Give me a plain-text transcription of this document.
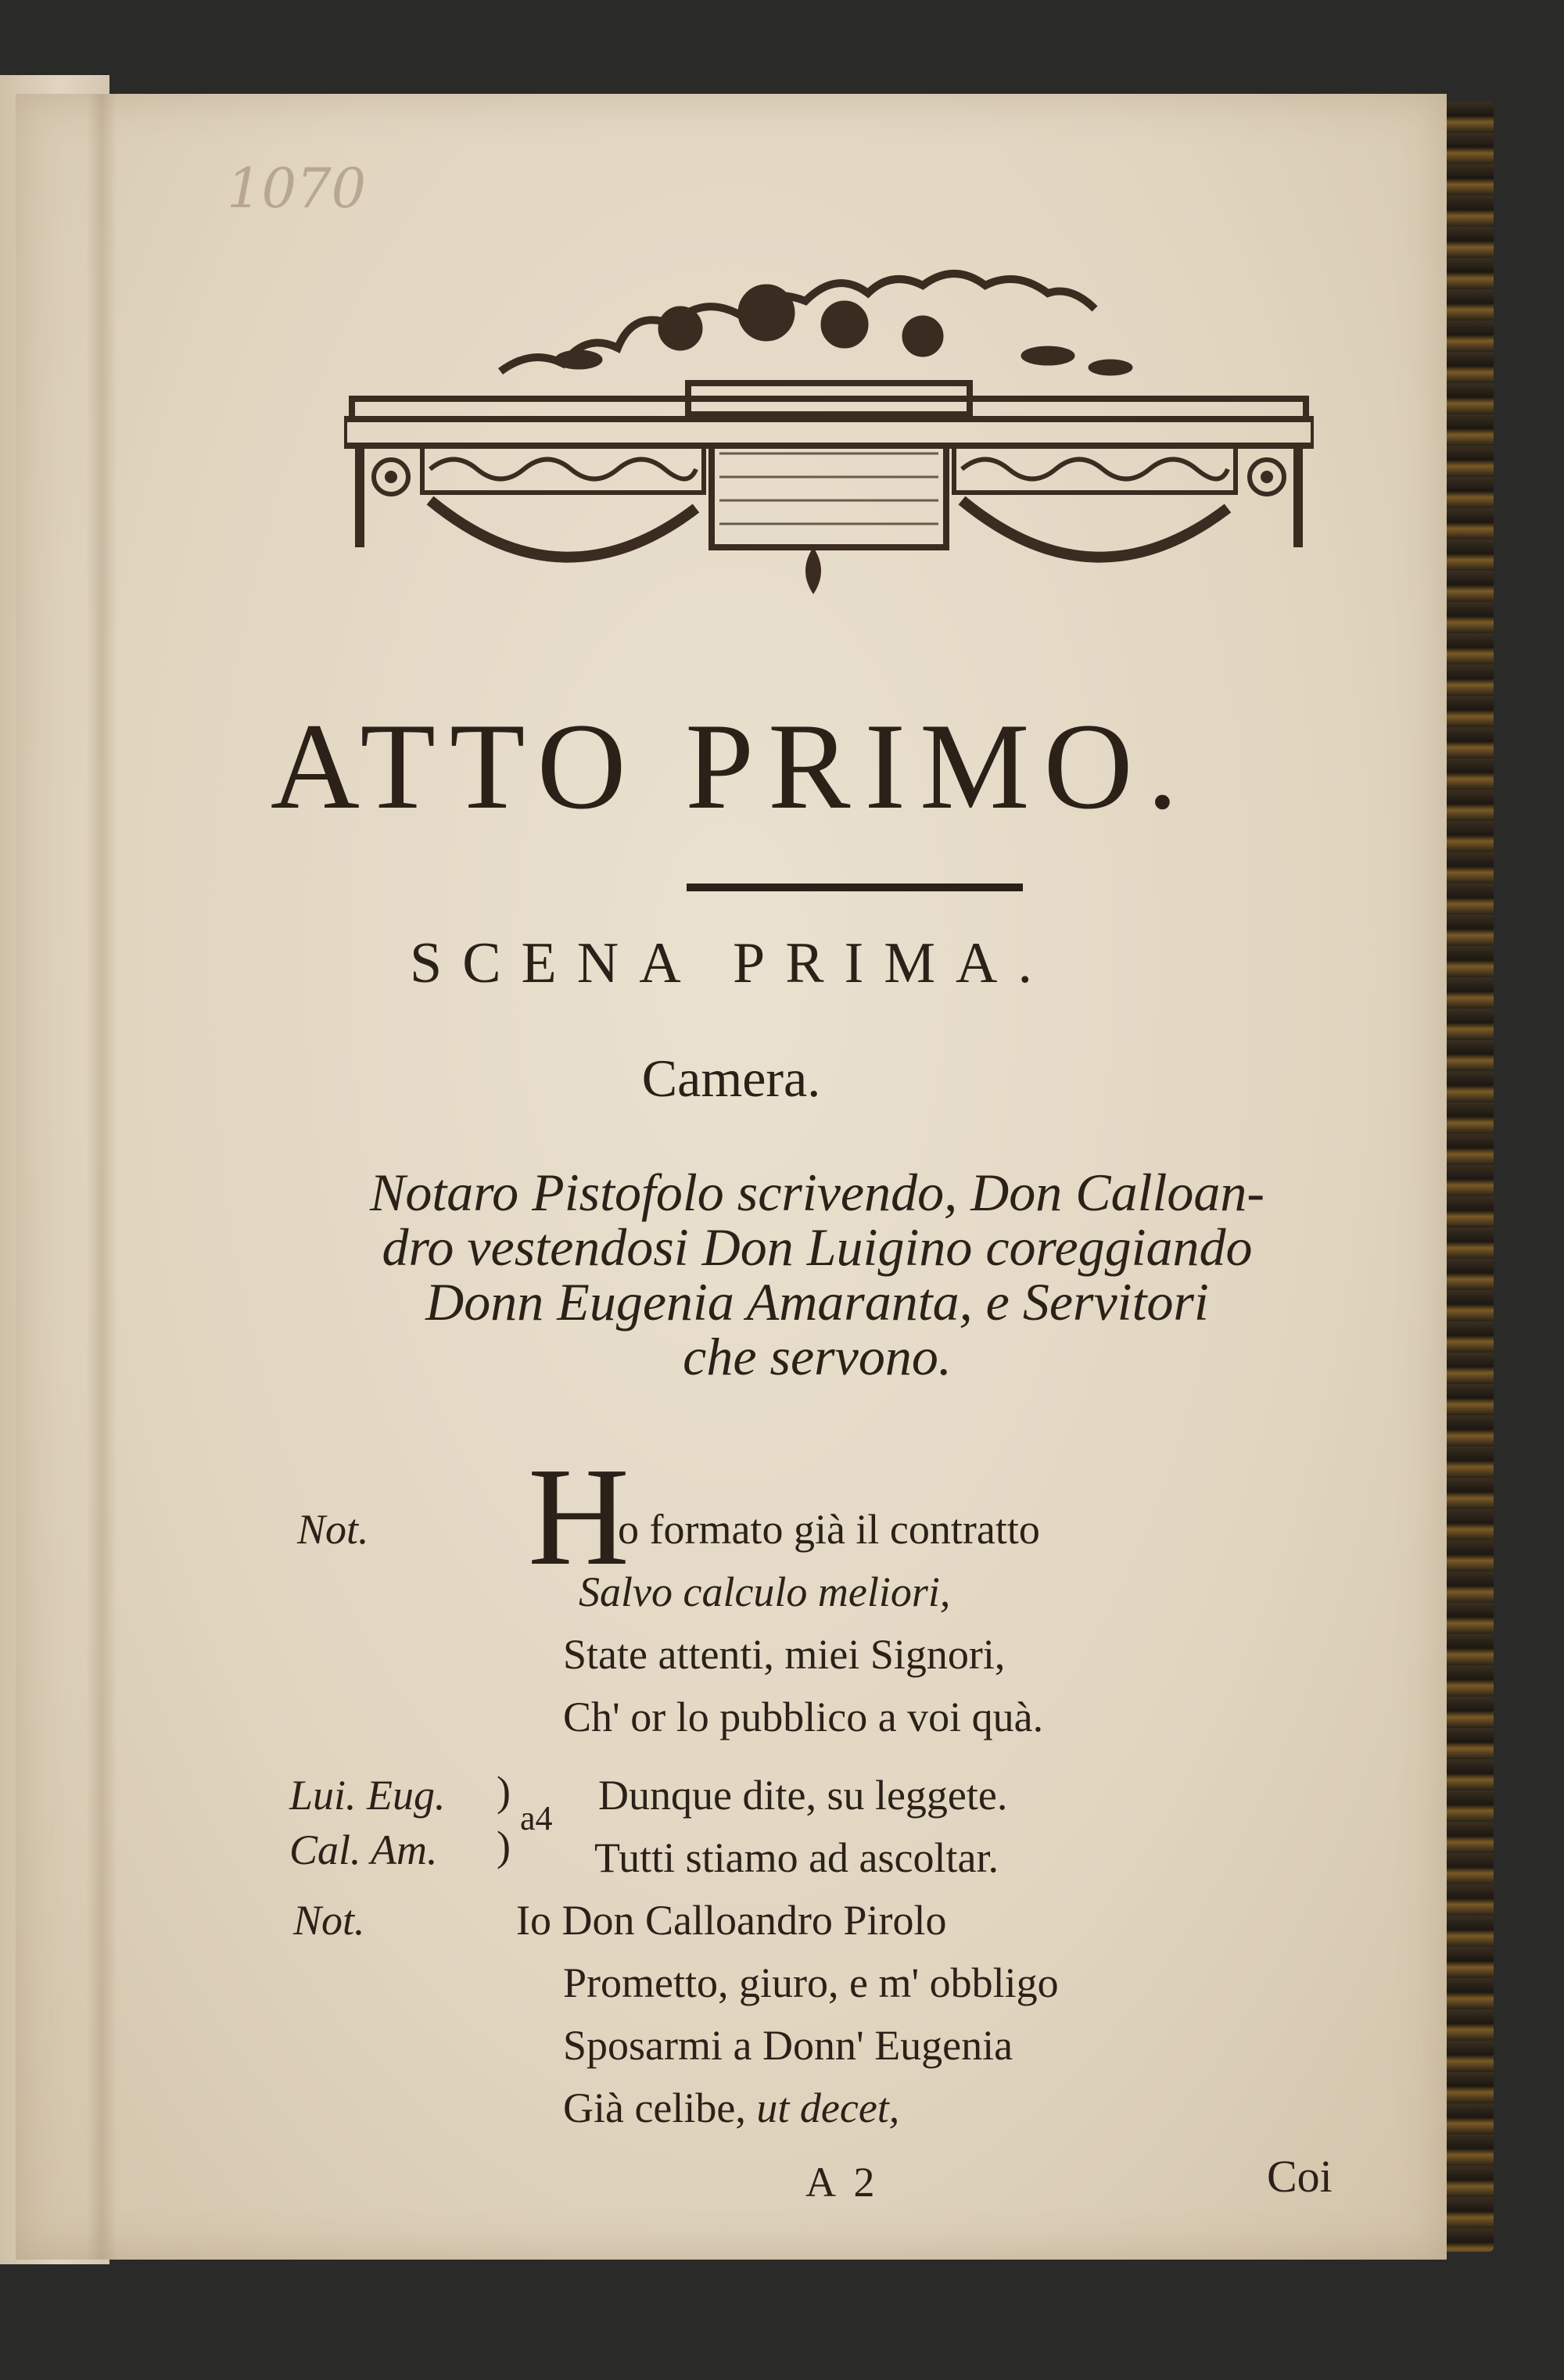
1070
ATTO PRIMO.
SCENA PRIMA.
Camera.
Notaro Pistofolo scrivendo, Don Calloan-
dro vestendosi Don Luigino coreggiando
Donn Eugenia Amaranta, e Servitori
che servono.
Not. H
o formato già il contratto
Salvo calculo meliori,
State attenti, miei Signori,
Ch' or lo pubblico a voi quà.
Lui. Eug.
Cal. Am.
)
)
a4 Dunque dite, su leggete.
Tutti stiamo ad ascoltar.
Not.	Io Don Calloandro Pirolo
Prometto, giuro, e m' obbligo
Sposarmi a Donn' Eugenia
Già celibe, ut decet,
A 2	Coi
